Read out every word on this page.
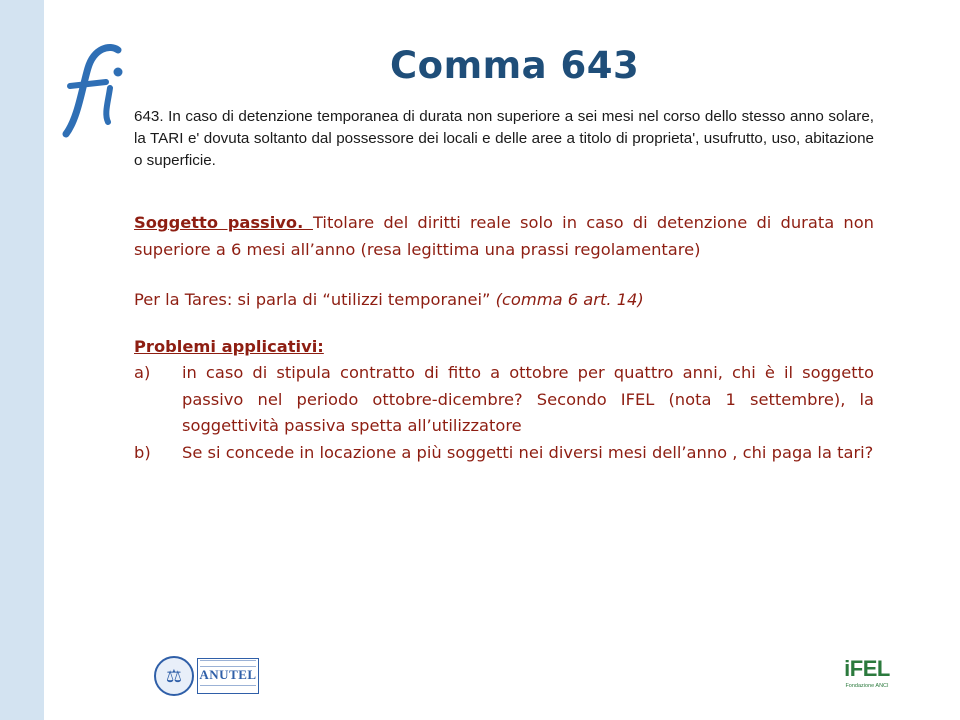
Comma 643

643. In caso di detenzione temporanea di durata non superiore a sei mesi nel corso dello stesso anno solare, la TARI e' dovuta soltanto dal possessore dei locali e delle aree a titolo di proprieta', usufrutto, uso, abitazione o superficie.

Soggetto passivo. Titolare del diritti reale solo in caso di detenzione di durata non superiore a 6 mesi all’anno (resa legittima una prassi regolamentare)

Per la Tares: si parla di “utilizzi temporanei” (comma 6 art. 14)

Problemi applicativi:

a)	in caso di stipula contratto di fitto a ottobre per quattro anni, chi è il soggetto passivo nel periodo ottobre-dicembre? Secondo IFEL (nota 1 settembre), la soggettività passiva spetta all’utilizzatore
b)	Se si concede in locazione a più soggetti nei diversi mesi dell’anno , chi paga la tari?
⚖	ANUTEL	iFEL
Fondazione ANCI
